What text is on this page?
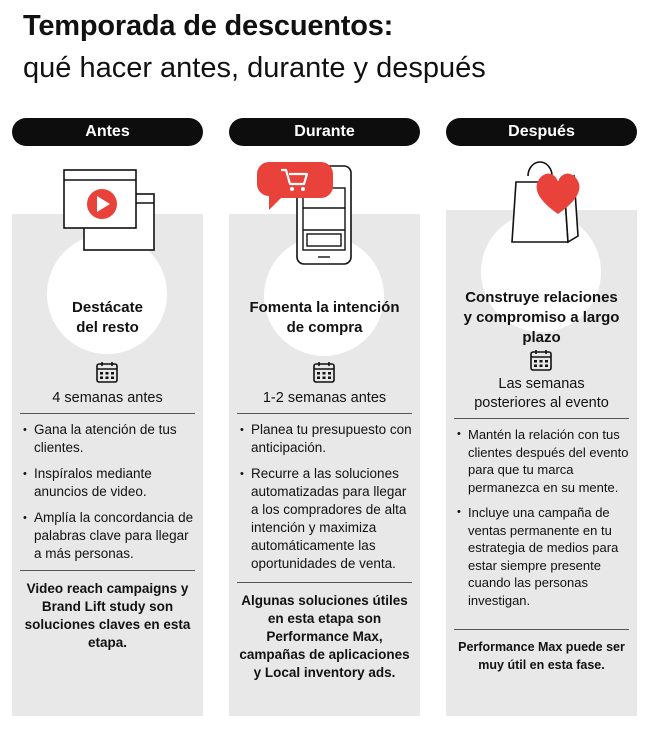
Temporada de descuentos:
qué hacer antes, durante y después
Antes
Destácate
del resto
4 semanas antes
• Gana la atención de tus clientes.
• Inspíralos mediante anuncios de video.
• Amplía la concordancia de palabras clave para llegar a más personas.
Video reach campaigns y Brand Lift study son soluciones claves en esta etapa.
Durante
Fomenta la intención
de compra
1-2 semanas antes
• Planea tu presupuesto con anticipación.
• Recurre a las soluciones automatizadas para llegar a los compradores de alta intención y maximiza automáticamente las oportunidades de venta.
Algunas soluciones útiles en esta etapa son Performance Max, campañas de aplicaciones y Local inventory ads.
Después
Construye relaciones
y compromiso a largo
plazo
Las semanas
posteriores al evento
• Mantén la relación con tus clientes después del evento para que tu marca permanezca en su mente.
• Incluye una campaña de ventas permanente en tu estrategia de medios para estar siempre presente cuando las personas investigan.
Performance Max puede ser muy útil en esta fase.
